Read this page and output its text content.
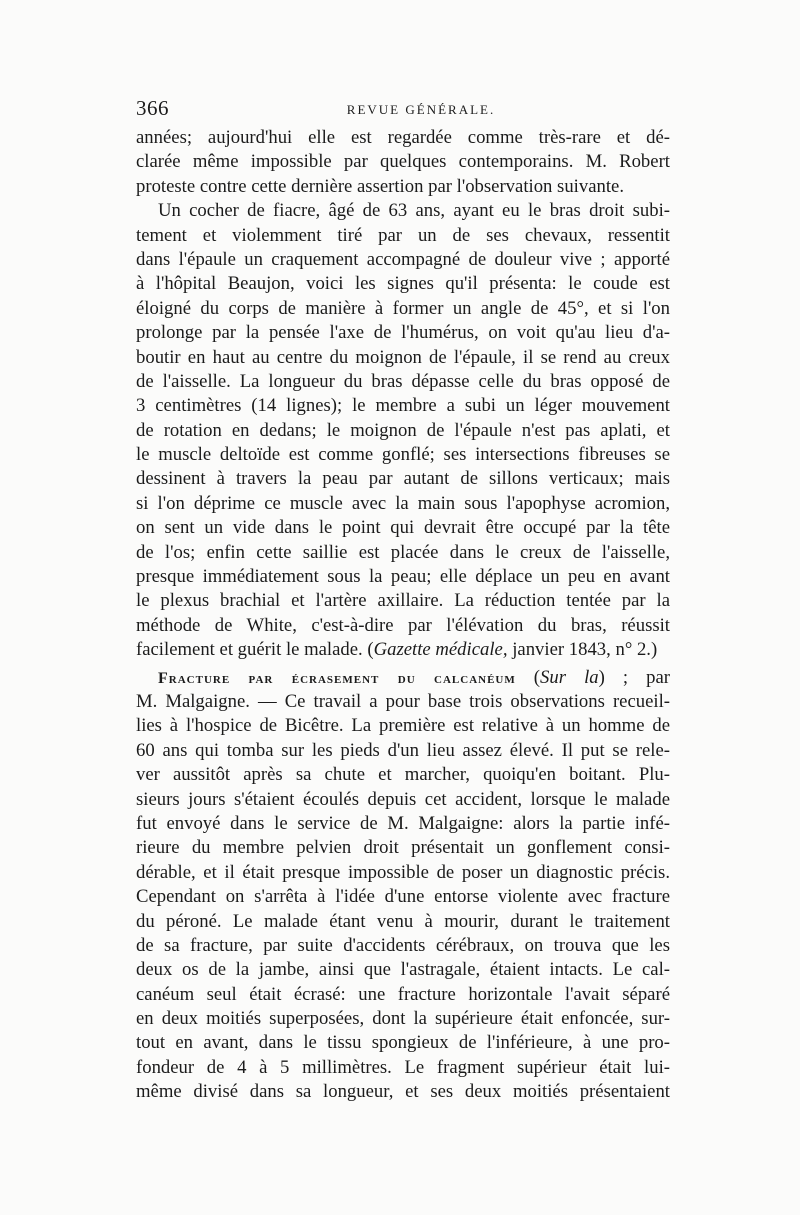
366	REVUE GÉNÉRALE.
années; aujourd'hui elle est regardée comme très-rare et dé-
clarée même impossible par quelques contemporains. M. Robert
proteste contre cette dernière assertion par l'observation suivante.
Un cocher de fiacre, âgé de 63 ans, ayant eu le bras droit subi-
tement et violemment tiré par un de ses chevaux, ressentit
dans l'épaule un craquement accompagné de douleur vive ; apporté
à l'hôpital Beaujon, voici les signes qu'il présenta: le coude est
éloigné du corps de manière à former un angle de 45°, et si l'on
prolonge par la pensée l'axe de l'humérus, on voit qu'au lieu d'a-
boutir en haut au centre du moignon de l'épaule, il se rend au creux
de l'aisselle. La longueur du bras dépasse celle du bras opposé de
3 centimètres (14 lignes); le membre a subi un léger mouvement
de rotation en dedans; le moignon de l'épaule n'est pas aplati, et
le muscle deltoïde est comme gonflé; ses intersections fibreuses se
dessinent à travers la peau par autant de sillons verticaux; mais
si l'on déprime ce muscle avec la main sous l'apophyse acromion,
on sent un vide dans le point qui devrait être occupé par la tête
de l'os; enfin cette saillie est placée dans le creux de l'aisselle,
presque immédiatement sous la peau; elle déplace un peu en avant
le plexus brachial et l'artère axillaire. La réduction tentée par la
méthode de White, c'est-à-dire par l'élévation du bras, réussit
facilement et guérit le malade. (Gazette médicale, janvier 1843, n° 2.)
Fracture par écrasement du calcanéum (Sur la) ; par
M. Malgaigne. — Ce travail a pour base trois observations recueil-
lies à l'hospice de Bicêtre. La première est relative à un homme de
60 ans qui tomba sur les pieds d'un lieu assez élevé. Il put se rele-
ver aussitôt après sa chute et marcher, quoiqu'en boitant. Plu-
sieurs jours s'étaient écoulés depuis cet accident, lorsque le malade
fut envoyé dans le service de M. Malgaigne: alors la partie infé-
rieure du membre pelvien droit présentait un gonflement consi-
dérable, et il était presque impossible de poser un diagnostic précis.
Cependant on s'arrêta à l'idée d'une entorse violente avec fracture
du péroné. Le malade étant venu à mourir, durant le traitement
de sa fracture, par suite d'accidents cérébraux, on trouva que les
deux os de la jambe, ainsi que l'astragale, étaient intacts. Le cal-
canéum seul était écrasé: une fracture horizontale l'avait séparé
en deux moitiés superposées, dont la supérieure était enfoncée, sur-
tout en avant, dans le tissu spongieux de l'inférieure, à une pro-
fondeur de 4 à 5 millimètres. Le fragment supérieur était lui-
même divisé dans sa longueur, et ses deux moitiés présentaient
